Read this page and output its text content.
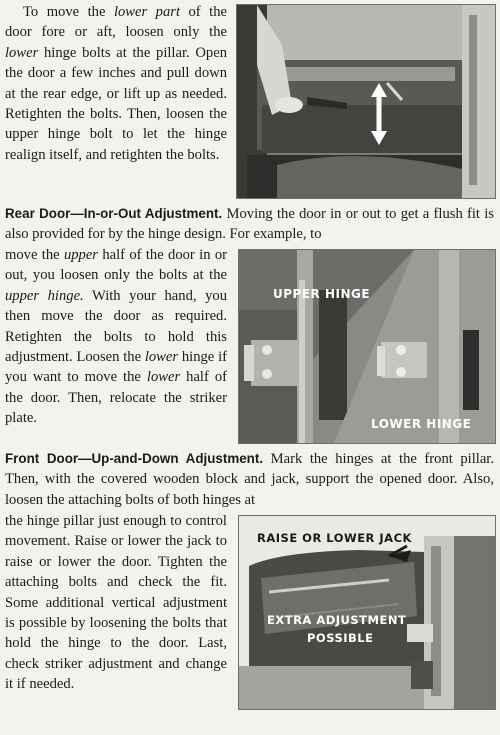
To move the lower part of the door fore or aft, loosen only the lower hinge bolts at the pillar. Open the door a few inches and pull down at the rear edge, or lift up as needed. Retighten the bolts. Then, loosen the upper hinge bolt to let the hinge realign itself, and retighten the bolts.
Rear Door—In-or-Out Adjustment. Moving the door in or out to get a flush fit is also provided for by the hinge design. For example, to
move the upper half of the door in or out, you loosen only the bolts at the upper hinge. With your hand, you then move the door as required. Retighten the bolts to hold this adjustment. Loosen the lower hinge if you want to move the lower half of the door. Then, relocate the striker plate.
UPPER HINGE
LOWER HINGE
Front Door—Up-and-Down Adjustment. Mark the hinges at the front pillar. Then, with the covered wooden block and jack, support the opened door. Also, loosen the attaching bolts of both hinges at
the hinge pillar just enough to control movement. Raise or lower the jack to raise or lower the door. Tighten the attaching bolts and check the fit. Some additional vertical adjustment is possible by loosening the bolts that hold the hinge to the door. Last, check striker adjustment and change it if needed.
RAISE OR LOWER JACK
EXTRA ADJUSTMENT
POSSIBLE
